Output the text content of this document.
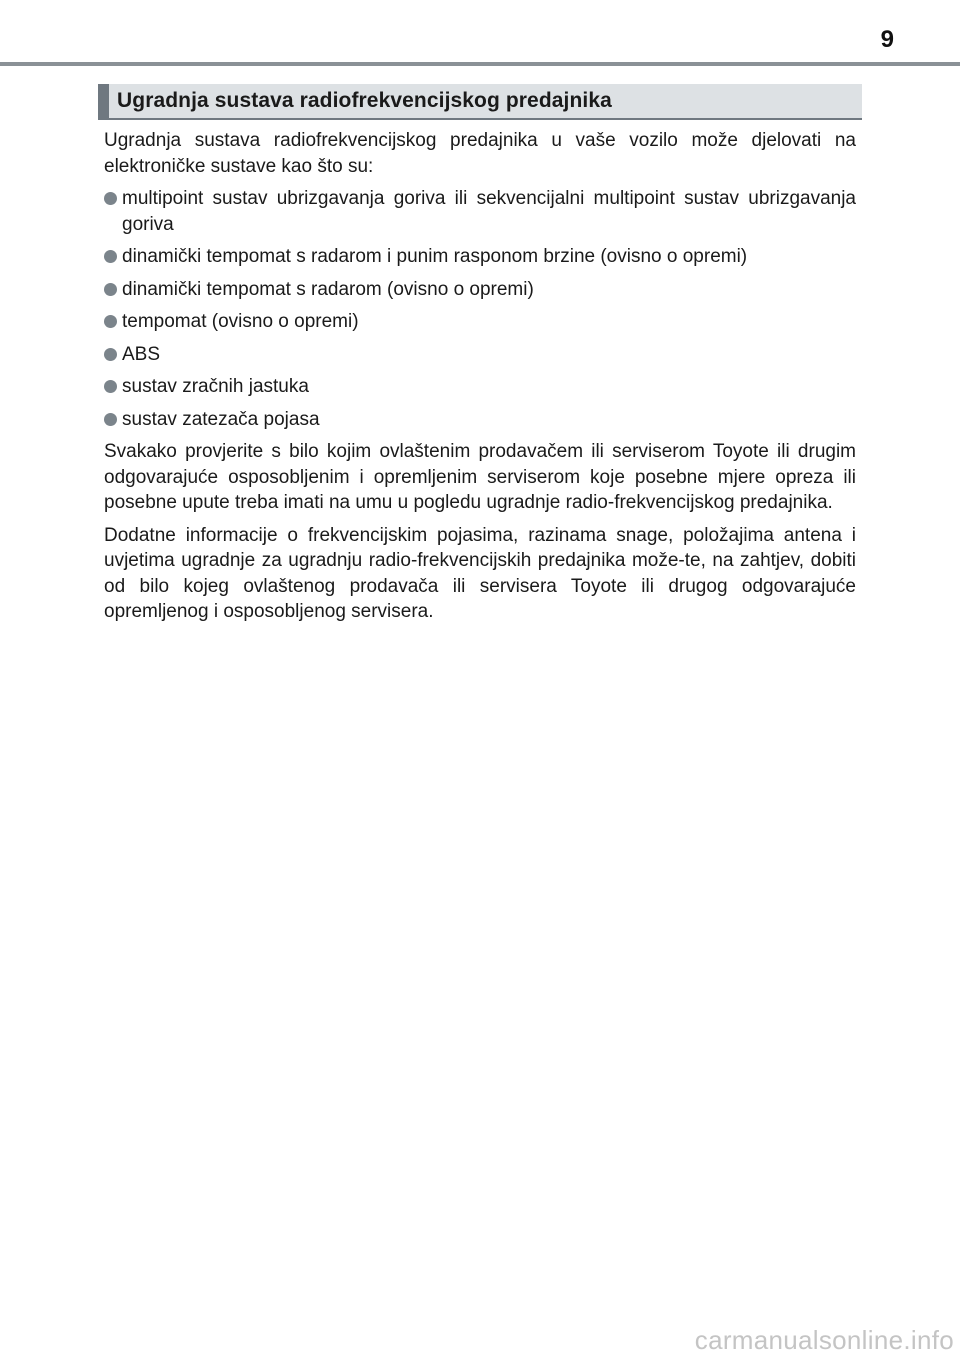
9
Ugradnja sustava radiofrekvencijskog predajnika

Ugradnja sustava radiofrekvencijskog predajnika u vaše vozilo može djelovati na elektroničke sustave kao što su:

multipoint sustav ubrizgavanja goriva ili sekvencijalni multipoint sustav ubrizgavanja goriva
dinamički tempomat s radarom i punim rasponom brzine (ovisno o opremi)
dinamički tempomat s radarom (ovisno o opremi)
tempomat (ovisno o opremi)
ABS
sustav zračnih jastuka
sustav zatezača pojasa

Svakako provjerite s bilo kojim ovlaštenim prodavačem ili serviserom Toyote ili drugim odgovarajuće osposobljenim i opremljenim serviserom koje posebne mjere opreza ili posebne upute treba imati na umu u pogledu ugradnje radio-frekvencijskog predajnika.

Dodatne informacije o frekvencijskim pojasima, razinama snage, položajima antena i uvjetima ugradnje za ugradnju radio-frekvencijskih predajnika može-te, na zahtjev, dobiti od bilo kojeg ovlaštenog prodavača ili servisera Toyote ili drugog odgovarajuće opremljenog i osposobljenog servisera.

carmanualsonline.info
